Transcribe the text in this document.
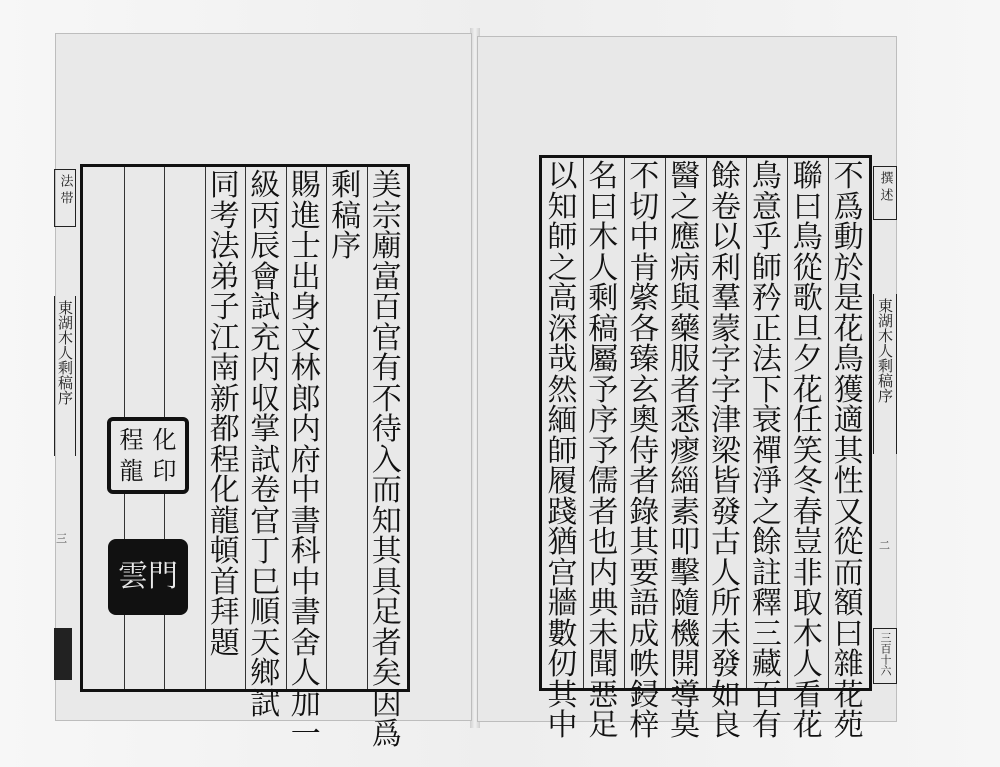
法 帯
東湖木人剩稿序
三
美
宗
廟
富
百
官
有
不
待
入
而
知
其
具
足
者
矣
因
爲
剩
稿
序
賜
進
士
出
身
文
林
郎
内
府
中
書
科
中
書
舍
人
加
一
級
丙
辰
會
試
充
内
収
掌
試
卷
官
丁
巳
順
天
鄉
試
同
考
法
弟
子
江
南
新
都
程
化
龍
頓
首
拜
題
程 化
龍 印
雲門
不
爲
動
於
是
花
鳥
獲
適
其
性
又
從
而
額
曰
雜
花
苑
聯
曰
鳥
從
歌
旦
夕
花
任
笑
冬
春
豈
非
取
木
人
看
花
鳥
意
乎
師
矜
正
法
下
衰
禪
淨
之
餘
註
釋
三
藏
百
有
餘
卷
以
利
羣
蒙
字
字
津
梁
皆
發
古
人
所
未
發
如
良
醫
之
應
病
與
藥
服
者
悉
瘳
緇
素
叩
擊
隨
機
開
導
莫
不
切
中
肯
綮
各
臻
玄
奧
侍
者
錄
其
要
語
成
帙
鋟
梓
名
曰
木
人
剩
稿
屬
予
序
予
儒
者
也
内
典
未
聞
惡
足
以
知
師
之
高
深
哉
然
緬
師
履
踐
猶
宫
牆
數
仞
其
中
撰 述
東湖木人剩稿序
二
三百十六
